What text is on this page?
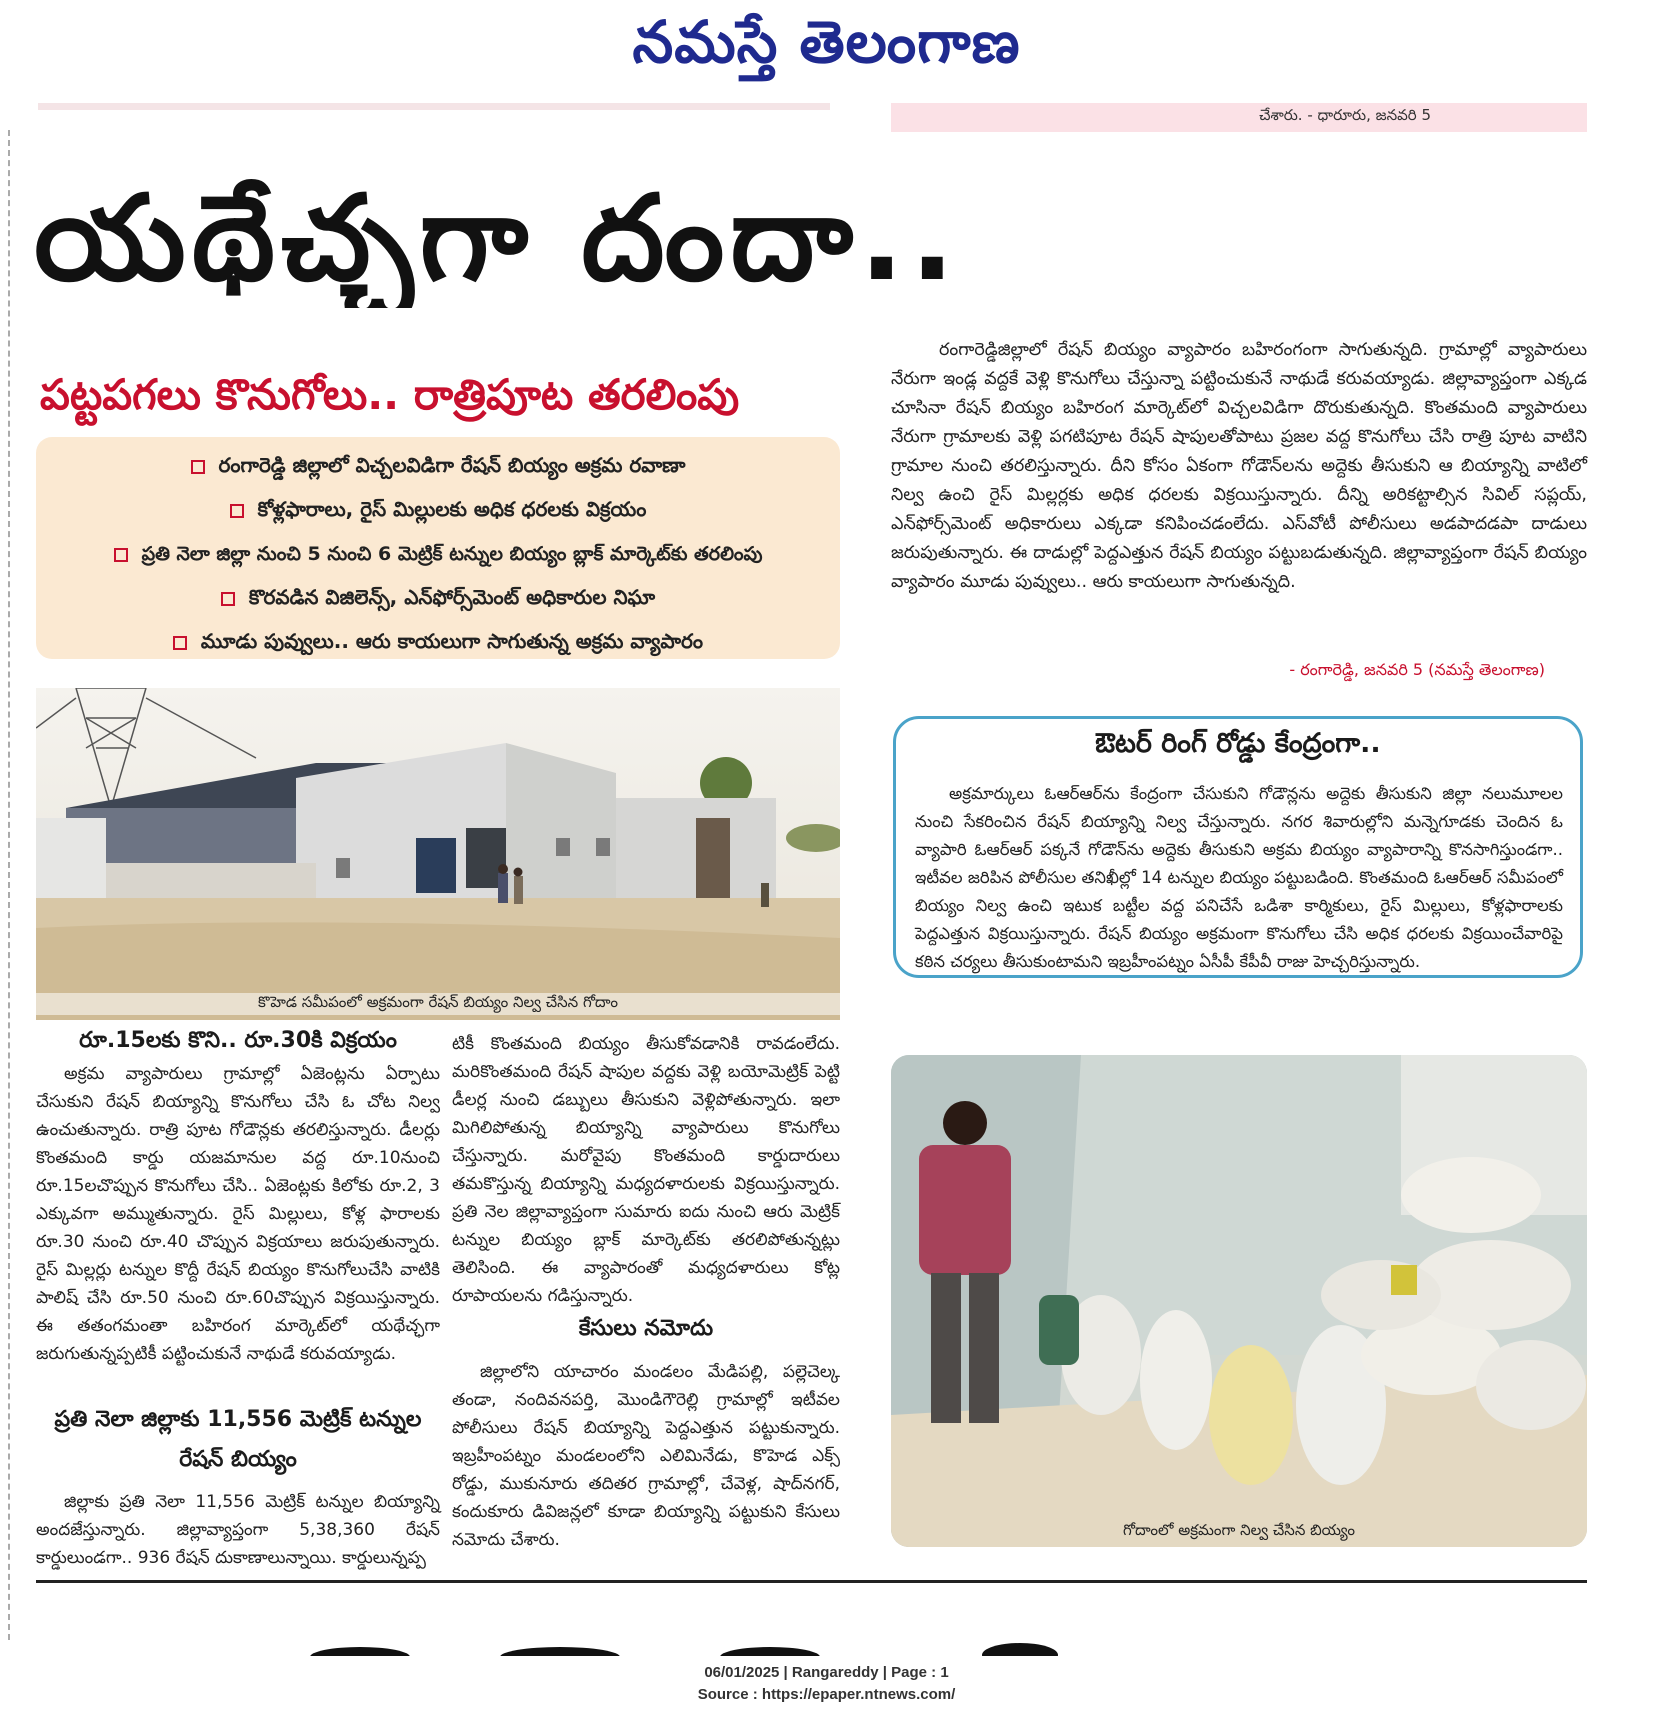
నమస్తే తెలంగాణ
చేశారు. - ధారూరు, జనవరి 5
యథేచ్ఛగా దందా..
పట్టపగలు కొనుగోలు.. రాత్రిపూట తరలింపు
రంగారెడ్డి జిల్లాలో విచ్చలవిడిగా రేషన్‌ బియ్యం అక్రమ రవాణా
కోళ్లఫారాలు, రైస్‌ మిల్లులకు అధిక ధరలకు విక్రయం
ప్రతి నెలా జిల్లా నుంచి 5 నుంచి 6 మెట్రిక్‌ టన్నుల బియ్యం బ్లాక్‌ మార్కెట్‌కు తరలింపు
కొరవడిన విజిలెన్స్‌, ఎన్‌ఫోర్స్‌మెంట్‌ అధికారుల నిఘా
మూడు పువ్వులు.. ఆరు కాయలుగా సాగుతున్న అక్రమ వ్యాపారం
రంగారెడ్డిజిల్లాలో రేషన్‌ బియ్యం వ్యాపారం బహిరంగంగా సాగుతున్నది. గ్రామాల్లో వ్యాపారులు నేరుగా ఇండ్ల వద్దకే వెళ్లి కొనుగోలు చేస్తున్నా పట్టించుకునే నాథుడే కరువయ్యాడు. జిల్లావ్యాప్తంగా ఎక్కడ చూసినా రేషన్‌ బియ్యం బహిరంగ మార్కెట్‌లో విచ్చలవిడిగా దొరుకుతున్నది. కొంతమంది వ్యాపారులు నేరుగా గ్రామాలకు వెళ్లి పగటిపూట రేషన్‌ షాపులతోపాటు ప్రజల వద్ద కొనుగోలు చేసి రాత్రి పూట వాటిని గ్రామాల నుంచి తరలిస్తున్నారు. దీని కోసం ఏకంగా గోడౌన్‌లను అద్దెకు తీసుకుని ఆ బియ్యాన్ని వాటిలో నిల్వ ఉంచి రైస్‌ మిల్లర్లకు అధిక ధరలకు విక్రయిస్తున్నారు. దీన్ని అరికట్టాల్సిన సివిల్‌ సప్లయ్‌, ఎన్‌ఫోర్స్‌మెంట్‌ అధికారులు ఎక్కడా కనిపించడంలేదు. ఎస్‌వోటీ పోలీసులు అడపాదడపా దాడులు జరుపుతున్నారు. ఈ దాడుల్లో పెద్దఎత్తున రేషన్‌ బియ్యం పట్టుబడుతున్నది. జిల్లావ్యాప్తంగా రేషన్‌ బియ్యం వ్యాపారం మూడు పువ్వులు.. ఆరు కాయలుగా సాగుతున్నది.
- రంగారెడ్డి, జనవరి 5 (నమస్తే తెలంగాణ)
కొహెడ సమీపంలో అక్రమంగా రేషన్‌ బియ్యం నిల్వ చేసిన గోదాం
ఔటర్‌ రింగ్‌ రోడ్డు కేంద్రంగా..
అక్రమార్కులు ఓఆర్‌ఆర్‌ను కేంద్రంగా చేసుకుని గోడౌన్లను అద్దెకు తీసుకుని జిల్లా నలుమూలల నుంచి సేకరించిన రేషన్‌ బియ్యాన్ని నిల్వ చేస్తున్నారు. నగర శివారుల్లోని మన్నెగూడకు చెందిన ఓ వ్యాపారి ఓఆర్‌ఆర్‌ పక్కనే గోడౌన్‌ను అద్దెకు తీసుకుని అక్రమ బియ్యం వ్యాపారాన్ని కొనసాగిస్తుండగా.. ఇటీవల జరిపిన పోలీసుల తనిఖీల్లో 14 టన్నుల బియ్యం పట్టుబడింది. కొంతమంది ఓఆర్‌ఆర్‌ సమీపంలో బియ్యం నిల్వ ఉంచి ఇటుక బట్టీల వద్ద పనిచేసే ఒడిశా కార్మికులు, రైస్‌ మిల్లులు, కోళ్లఫారాలకు పెద్దఎత్తున విక్రయిస్తున్నారు. రేషన్‌ బియ్యం అక్రమంగా కొనుగోలు చేసి అధిక ధరలకు విక్రయించేవారిపై కఠిన చర్యలు తీసుకుంటామని ఇబ్రహీంపట్నం ఏసీపీ కేపీవీ రాజు హెచ్చరిస్తున్నారు.
రూ.15లకు కొని.. రూ.30కి విక్రయం
అక్రమ వ్యాపారులు గ్రామాల్లో ఏజెంట్లను ఏర్పాటు చేసుకుని రేషన్‌ బియ్యాన్ని కొనుగోలు చేసి ఓ చోట నిల్వ ఉంచుతున్నారు. రాత్రి పూట గోడౌన్లకు తరలిస్తున్నారు. డీలర్లు కొంతమంది కార్డు యజమానుల వద్ద రూ.10నుంచి రూ.15లచొప్పున కొనుగోలు చేసి.. ఏజెంట్లకు కిలోకు రూ.2, 3 ఎక్కువగా అమ్ముతున్నారు. రైస్‌ మిల్లులు, కోళ్ల ఫారాలకు రూ.30 నుంచి రూ.40 చొప్పున విక్రయాలు జరుపుతున్నారు. రైస్‌ మిల్లర్లు టన్నుల కొద్దీ రేషన్‌ బియ్యం కొనుగోలుచేసి వాటికి పాలిష్‌ చేసి రూ.50 నుంచి రూ.60చొప్పున విక్రయిస్తున్నారు. ఈ తతంగమంతా బహిరంగ మార్కెట్‌లో యథేచ్ఛగా జరుగుతున్నప్పటికీ పట్టించుకునే నాథుడే కరువయ్యాడు.
ప్రతి నెలా జిల్లాకు 11,556 మెట్రిక్‌ టన్నుల రేషన్‌ బియ్యం
జిల్లాకు ప్రతి నెలా 11,556 మెట్రిక్‌ టన్నుల బియ్యాన్ని అందజేస్తున్నారు. జిల్లావ్యాప్తంగా 5,38,360 రేషన్‌ కార్డులుండగా.. 936 రేషన్‌ దుకాణాలున్నాయి. కార్డులున్నప్ప
టికీ కొంతమంది బియ్యం తీసుకోవడానికి రావడంలేదు. మరికొంతమంది రేషన్‌ షాపుల వద్దకు వెళ్లి బయోమెట్రిక్‌ పెట్టి డీలర్ల నుంచి డబ్బులు తీసుకుని వెళ్లిపోతున్నారు. ఇలా మిగిలిపోతున్న బియ్యాన్ని వ్యాపారులు కొనుగోలు చేస్తున్నారు. మరోవైపు కొంతమంది కార్డుదారులు తమకొస్తున్న బియ్యాన్ని మధ్యదళారులకు విక్రయిస్తున్నారు. ప్రతి నెల జిల్లావ్యాప్తంగా సుమారు ఐదు నుంచి ఆరు మెట్రిక్‌ టన్నుల బియ్యం బ్లాక్‌ మార్కెట్‌కు తరలిపోతున్నట్లు తెలిసింది. ఈ వ్యాపారంతో మధ్యదళారులు కోట్ల రూపాయలను గడిస్తున్నారు.
కేసులు నమోదు
జిల్లాలోని యాచారం మండలం మేడిపల్లి, పల్లెచెల్క తండా, నందివనపర్తి, మొండిగౌరెల్లి గ్రామాల్లో ఇటీవల పోలీసులు రేషన్‌ బియ్యాన్ని పెద్దఎత్తున పట్టుకున్నారు. ఇబ్రహీంపట్నం మండలంలోని ఎలిమినేడు, కొహెడ ఎక్స్‌ రోడ్డు, ముకునూరు తదితర గ్రామాల్లో, చేవెళ్ల, షాద్‌నగర్‌, కందుకూరు డివిజన్లలో కూడా బియ్యాన్ని పట్టుకుని కేసులు నమోదు చేశారు.	గోదాంలో అక్రమంగా నిల్వ చేసిన బియ్యం
06/01/2025 | Rangareddy | Page : 1
Source : https://epaper.ntnews.com/
